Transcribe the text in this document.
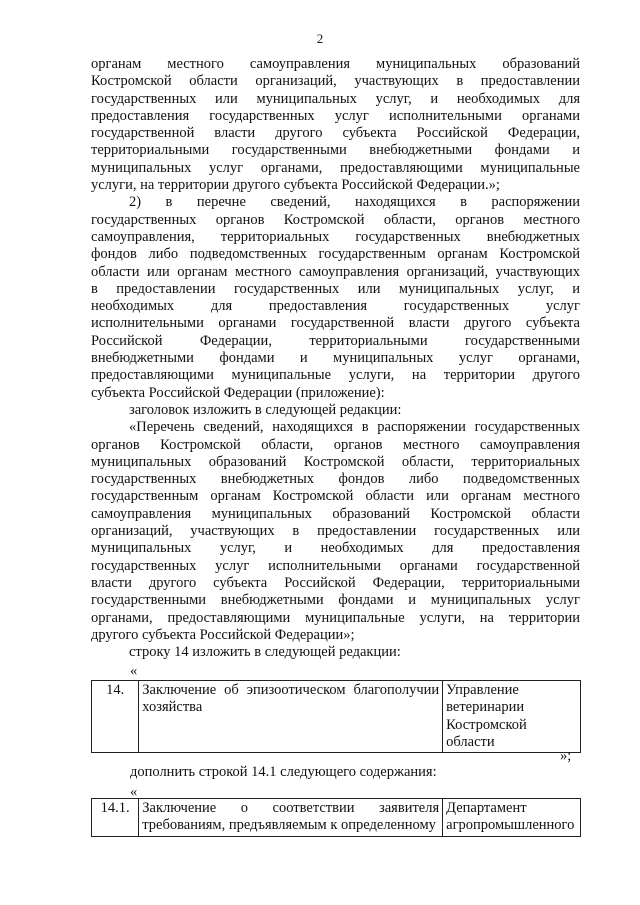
2

органам местного самоуправления муниципальных образований

Костромской области организаций, участвующих в предоставлении

государственных или муниципальных услуг, и необходимых для

предоставления государственных услуг исполнительными органами

государственной власти другого субъекта Российской Федерации,

территориальными государственными внебюджетными фондами и

муниципальных услуг органами, предоставляющими муниципальные

услуги, на территории другого субъекта Российской Федерации.»;

2) в перечне сведений, находящихся в распоряжении

государственных органов Костромской области, органов местного

самоуправления, территориальных государственных внебюджетных

фондов либо подведомственных государственным органам Костромской

области или органам местного самоуправления организаций, участвующих

в предоставлении государственных или муниципальных услуг, и

необходимых для предоставления государственных услуг

исполнительными органами государственной власти другого субъекта

Российской Федерации, территориальными государственными

внебюджетными фондами и муниципальных услуг органами,

предоставляющими муниципальные услуги, на территории другого

субъекта Российской Федерации (приложение):

заголовок изложить в следующей редакции:

«Перечень сведений, находящихся в распоряжении государственных

органов Костромской области, органов местного самоуправления

муниципальных образований Костромской области, территориальных

государственных внебюджетных фондов либо подведомственных

государственным органам Костромской области или органам местного

самоуправления муниципальных образований Костромской области

организаций, участвующих в предоставлении государственных или

муниципальных услуг, и необходимых для предоставления

государственных услуг исполнительными органами государственной

власти другого субъекта Российской Федерации, территориальными

государственными внебюджетными фондами и муниципальных услуг

органами, предоставляющими муниципальные услуги, на территории

другого субъекта Российской Федерации»;

строку 14 изложить в следующей редакции:

«
14.	Заключение об эпизоотическом благополучии хозяйства	Управление ветеринарии Костромской области
»;
дополнить строкой 14.1 следующего содержания:
«
14.1.	Заключение о соответствии заявителя требованиям, предъявляемым к определенному	Департамент агропромышленного
